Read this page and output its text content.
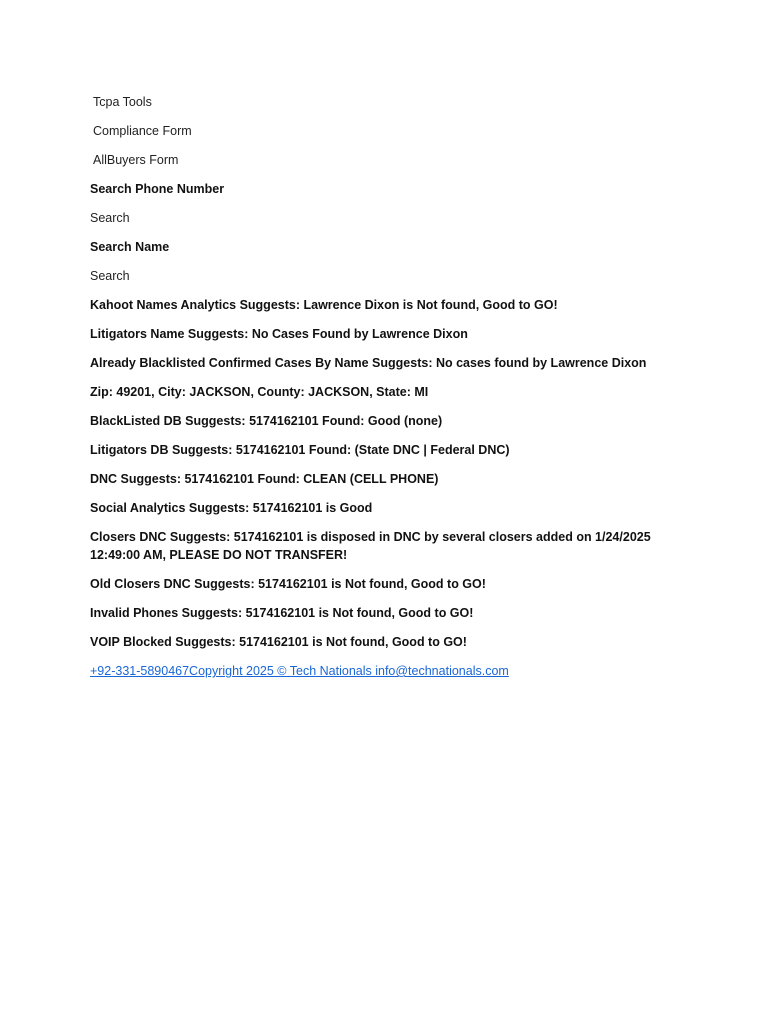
Tcpa Tools
Compliance Form
AllBuyers Form
Search Phone Number
Search
Search Name
Search
Kahoot Names Analytics Suggests: Lawrence Dixon is Not found, Good to GO!
Litigators Name Suggests: No Cases Found by Lawrence Dixon
Already Blacklisted Confirmed Cases By Name Suggests: No cases found by Lawrence Dixon
Zip: 49201, City: JACKSON, County: JACKSON, State: MI
BlackListed DB Suggests: 5174162101 Found: Good (none)
Litigators DB Suggests: 5174162101 Found: (State DNC | Federal DNC)
DNC Suggests: 5174162101 Found: CLEAN (CELL PHONE)
Social Analytics Suggests: 5174162101 is Good
Closers DNC Suggests: 5174162101 is disposed in DNC by several closers added on 1/24/2025 12:49:00 AM, PLEASE DO NOT TRANSFER!
Old Closers DNC Suggests: 5174162101 is Not found, Good to GO!
Invalid Phones Suggests: 5174162101 is Not found, Good to GO!
VOIP Blocked Suggests: 5174162101 is Not found, Good to GO!
+92-331-5890467Copyright 2025 © Tech Nationals info@technationals.com
